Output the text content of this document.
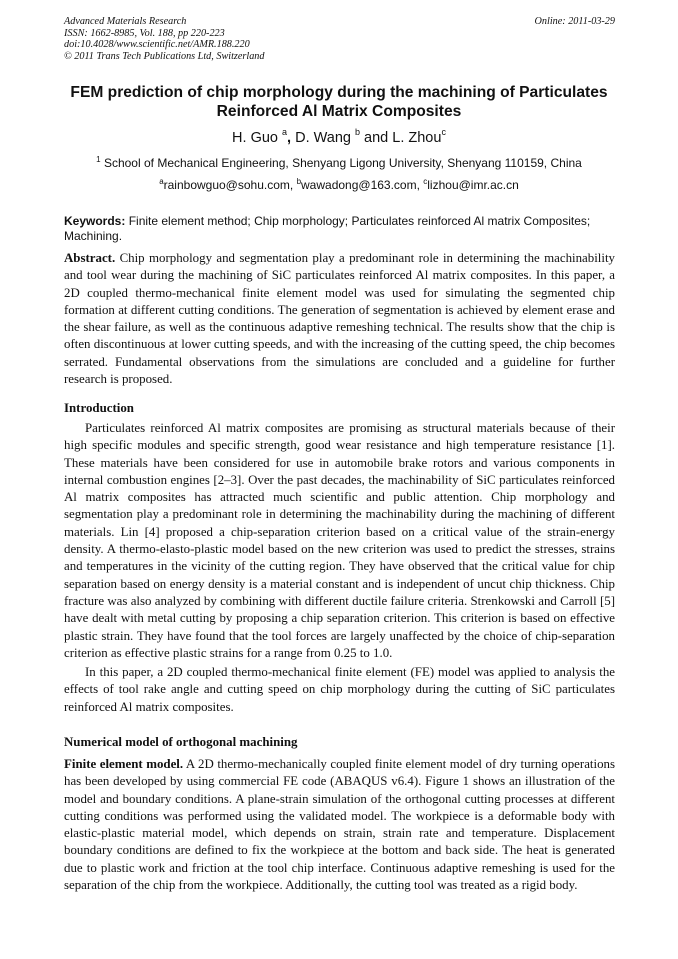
Advanced Materials Research
ISSN: 1662-8985, Vol. 188, pp 220-223
doi:10.4028/www.scientific.net/AMR.188.220
© 2011 Trans Tech Publications Ltd, Switzerland
Online: 2011-03-29
FEM prediction of chip morphology during the machining of Particulates
Reinforced Al Matrix Composites
H. Guo $^a$, D. Wang $^b$ and L. Zhou$^c$
$^1$ School of Mechanical Engineering, Shenyang Ligong University, Shenyang 110159, China
$^a$rainbowguo@sohu.com, $^b$wawadong@163.com, $^c$lizhou@imr.ac.cn
Keywords: Finite element method; Chip morphology; Particulates reinforced Al matrix Composites; Machining.

Abstract. Chip morphology and segmentation play a predominant role in determining the machinability and tool wear during the machining of SiC particulates reinforced Al matrix composites. In this paper, a 2D coupled thermo-mechanical finite element model was used for simulating the segmented chip formation at different cutting conditions. The generation of segmentation is achieved by element erase and the shear failure, as well as the continuous adaptive remeshing technical. The results show that the chip is often discontinuous at lower cutting speeds, and with the increasing of the cutting speed, the chip becomes serrated. Fundamental observations from the simulations are concluded and a guideline for further research is proposed.

Introduction

Particulates reinforced Al matrix composites are promising as structural materials because of their high specific modules and specific strength, good wear resistance and high temperature resistance [1]. These materials have been considered for use in automobile brake rotors and various components in internal combustion engines [2–3]. Over the past decades, the machinability of SiC particulates reinforced Al matrix composites has attracted much scientific and public attention. Chip morphology and segmentation play a predominant role in determining the machinability during the machining of different materials. Lin [4] proposed a chip-separation criterion based on a critical value of the strain-energy density. A thermo-elasto-plastic model based on the new criterion was used to predict the stresses, strains and temperatures in the vicinity of the cutting region. They have observed that the critical value for chip separation based on energy density is a material constant and is independent of uncut chip thickness. Chip fracture was also analyzed by combining with different ductile failure criteria. Strenkowski and Carroll [5] have dealt with metal cutting by proposing a chip separation criterion. This criterion is based on effective plastic strain. They have found that the tool forces are largely unaffected by the choice of chip-separation criterion as effective plastic strains for a range from 0.25 to 1.0.

In this paper, a 2D coupled thermo-mechanical finite element (FE) model was applied to analysis the effects of tool rake angle and cutting speed on chip morphology during the cutting of SiC particulates reinforced Al matrix composites.

Numerical model of orthogonal machining

Finite element model. A 2D thermo-mechanically coupled finite element model of dry turning operations has been developed by using commercial FE code (ABAQUS v6.4). Figure 1 shows an illustration of the model and boundary conditions. A plane-strain simulation of the orthogonal cutting processes at different cutting conditions was performed using the validated model. The workpiece is a deformable body with elastic-plastic material model, which depends on strain, strain rate and temperature. Displacement boundary conditions are defined to fix the workpiece at the bottom and back side. The heat is generated due to plastic work and friction at the tool chip interface. Continuous adaptive remeshing is used for the separation of the chip from the workpiece. Additionally, the cutting tool was treated as a rigid body.
